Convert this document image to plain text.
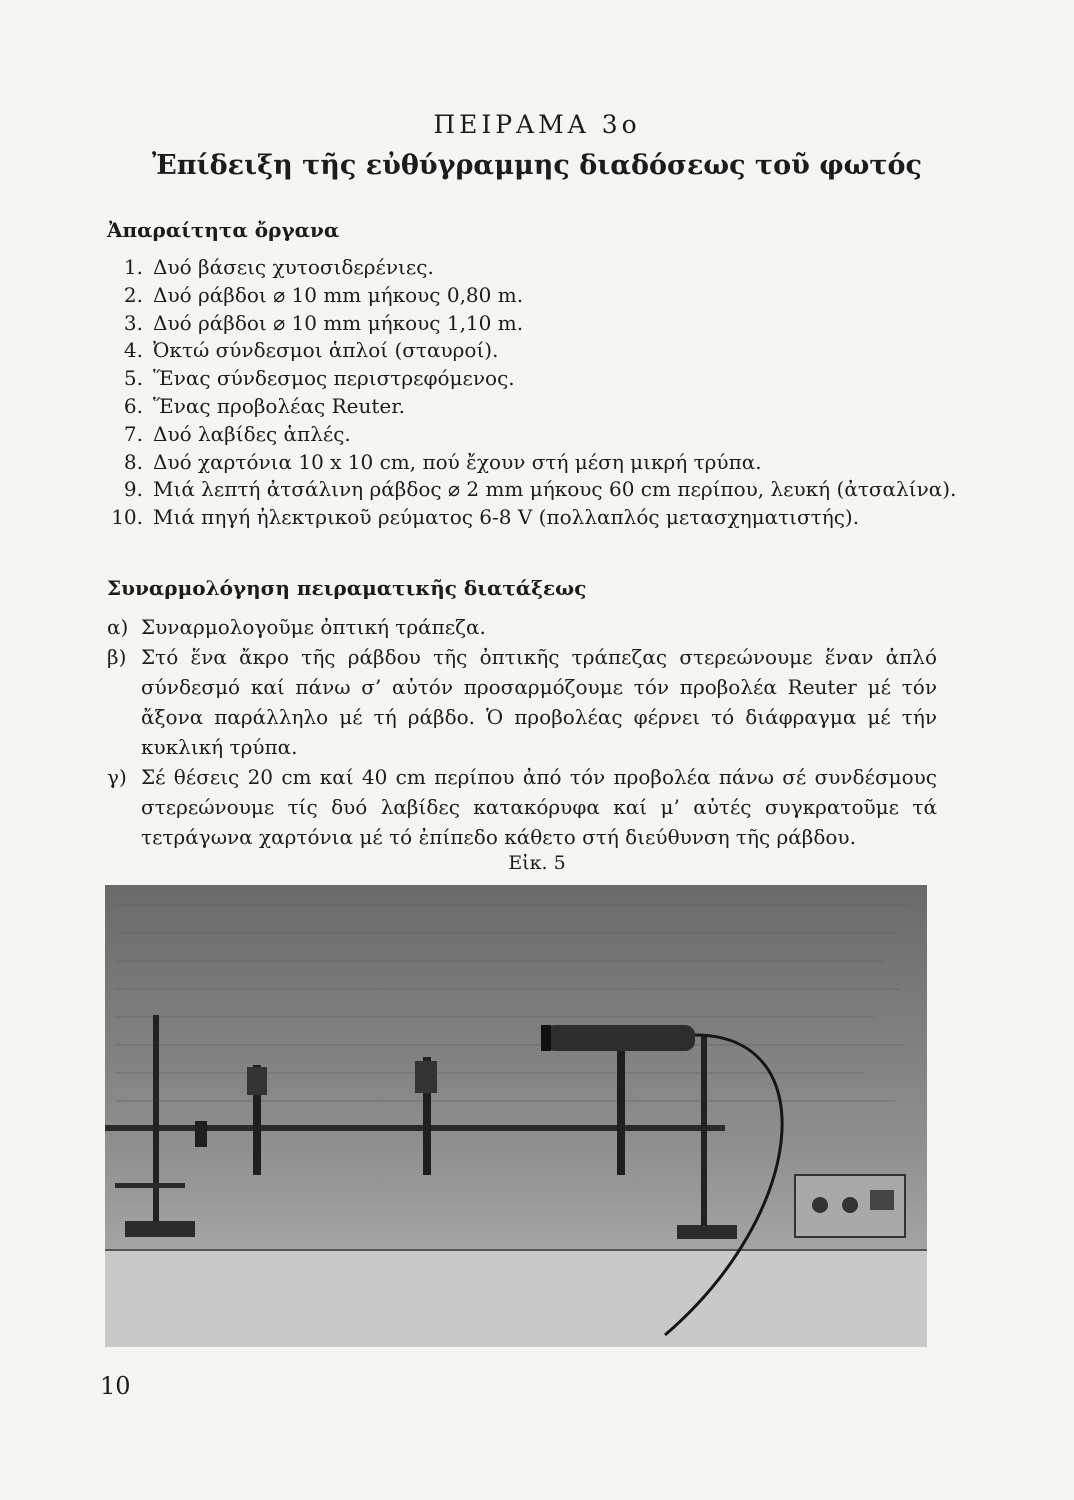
ΠΕΙΡΑΜΑ 3ο
Ἐπίδειξη τῆς εὐθύγραμμης διαδόσεως τοῦ φωτός
Ἀπαραίτητα ὄργανα
1. Δυό βάσεις χυτοσιδερένιες.
2. Δυό ράβδοι ⌀ 10 mm μήκους 0,80 m.
3. Δυό ράβδοι ⌀ 10 mm μήκους 1,10 m.
4. Ὀκτώ σύνδεσμοι ἁπλοί (σταυροί).
5. Ἕνας σύνδεσμος περιστρεφόμενος.
6. Ἕνας προβολέας Reuter.
7. Δυό λαβίδες ἁπλές.
8. Δυό χαρτόνια 10 x 10 cm, πού ἔχουν στή μέση μικρή τρύπα.
9. Μιά λεπτή ἀτσάλινη ράβδος ⌀ 2 mm μήκους 60 cm περίπου, λευκή (ἀτσαλίνα).
10. Μιά πηγή ἠλεκτρικοῦ ρεύματος 6-8 V (πολλαπλός μετασχηματιστής).
Συναρμολόγηση πειραματικῆς διατάξεως
α) Συναρμολογοῦμε ὀπτική τράπεζα.
β) Στό ἕνα ἄκρο τῆς ράβδου τῆς ὀπτικῆς τράπεζας στερεώνουμε ἕναν ἁπλό σύνδεσμό καί πάνω σ’ αὐτόν προσαρμόζουμε τόν προβολέα Reuter μέ τόν ἄξονα παράλληλο μέ τή ράβδο. Ὁ προβολέας φέρνει τό διάφραγμα μέ τήν κυκλική τρύπα.
γ) Σέ θέσεις 20 cm καί 40 cm περίπου ἀπό τόν προβολέα πάνω σέ συνδέσμους στερεώνουμε τίς δυό λαβίδες κατακόρυφα καί μ’ αὐτές συγκρατοῦμε τά τετράγωνα χαρτόνια μέ τό ἐπίπεδο κάθετο στή διεύθυνση τῆς ράβδου.
Εἰκ. 5
10
